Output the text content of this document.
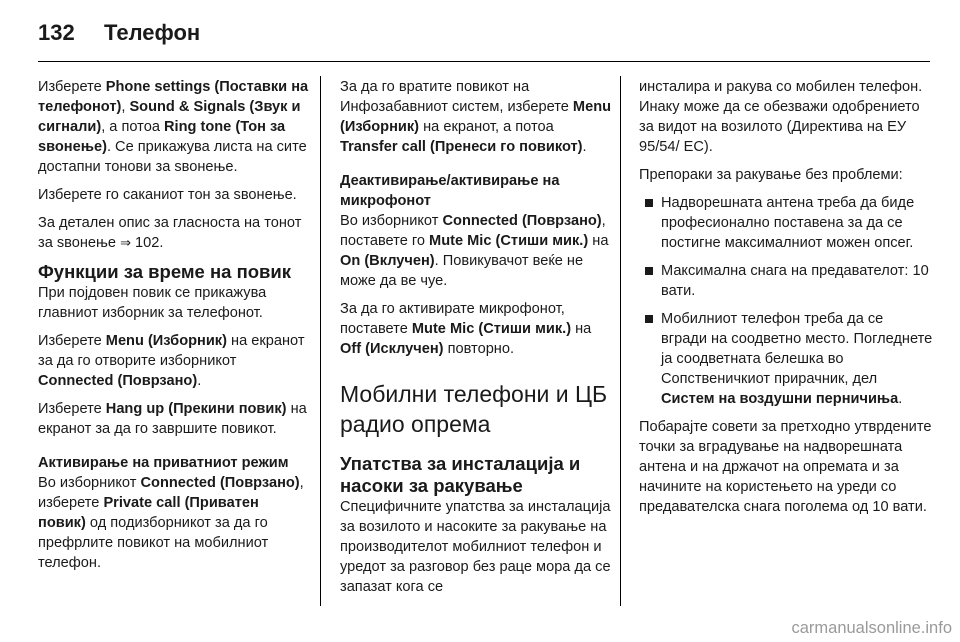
132	Телефон

Изберете Phone settings (Поставки на телефонот), Sound & Signals (Звук и сигнали), а потоа Ring tone (Тон за ѕвонење). Се прикажува листа на сите достапни тонови за ѕвонење.

Изберете го саканиот тон за ѕвонење.

За детален опис за гласноста на тонот за ѕвонење ⇒ 102.

Функции за време на повик

При појдовен повик се прикажува главниот изборник за телефонот.

Изберете Menu (Изборник) на екранот за да го отворите изборникот Connected (Поврзано).

Изберете Hang up (Прекини повик) на екранот за да го завршите повикот.

Активирање на приватниот режим

Во изборникот Connected (Поврзано), изберете Private call (Приватен повик) од подизборникот за да го префрлите повикот на мобилниот телефон.

За да го вратите повикот на Инфозабавниот систем, изберете Menu (Изборник) на екранот, а потоа Transfer call (Пренеси го повикот).

Деактивирање/активирање на микрофонот

Во изборникот Connected (Поврзано), поставете го Mute Mic (Стиши мик.) на On (Вклучен). Повикувачот веќе не може да ве чуе.

За да го активирате микрофонот, поставете Mute Mic (Стиши мик.) на Off (Исклучен) повторно.

Мобилни телефони и ЦБ радио опрема
Упатства за инсталација и насоки за ракување

Специфичните упатства за инсталација за возилото и насоките за ракување на производителот мобилниот телефон и уредот за разговор без раце мора да се запазат кога се

инсталира и ракува со мобилен телефон. Инаку може да се обезважи одобрението за видот на возилото (Директива на ЕУ 95/54/ ЕС).

Препораки за ракување без проблеми:

Надворешната антена треба да биде професионално поставена за да се постигне максималниот можен опсег.
Максимална снага на предавателот: 10 вати.
Мобилниот телефон треба да се вгради на соодветно место. Погледнете ја соодветната белешка во Сопственичкиот прирачник, дел Систем на воздушни перничиња.

Побарајте совети за претходно утврдените точки за вградување на надворешната антена и на држачот на опремата и за начините на користењето на уреди со предавателска снага поголема од 10 вати.

carmanualsonline.info
